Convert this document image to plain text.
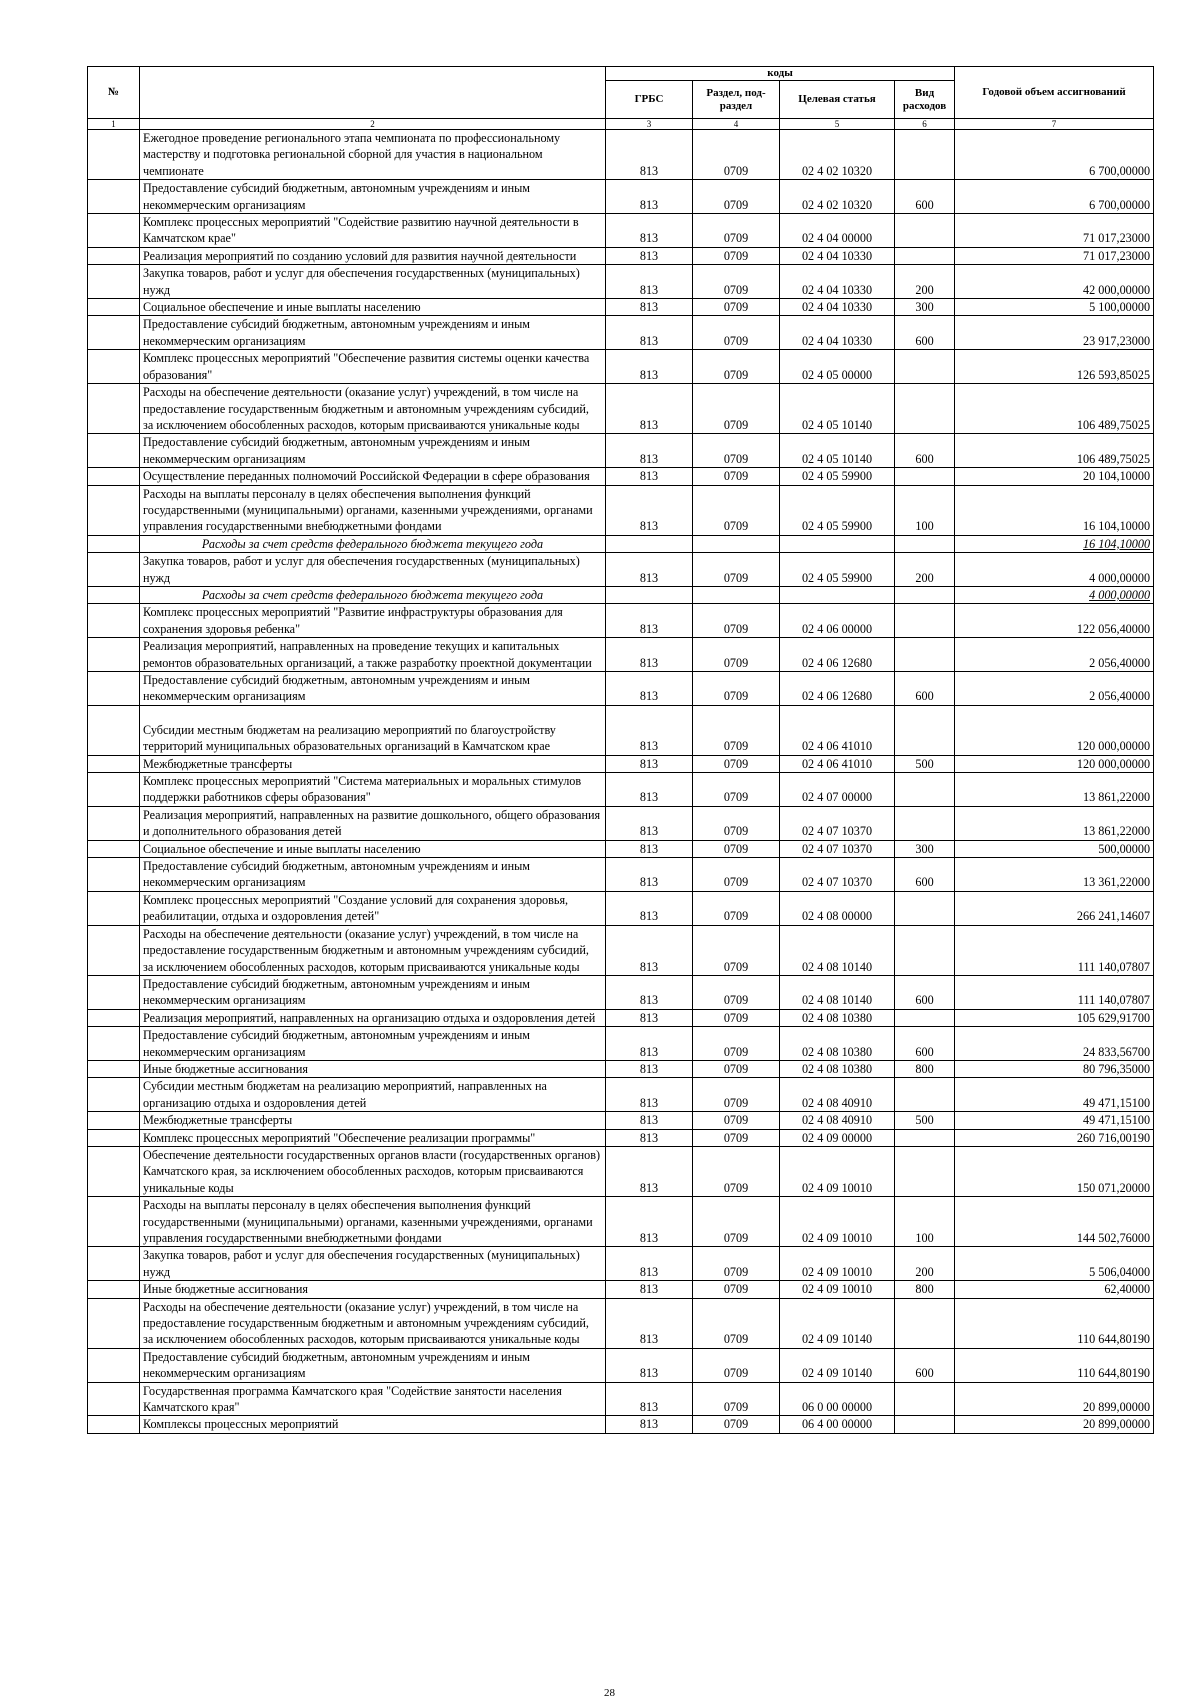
№		коды				Годовой объем ассигнований
		ГРБС	Раздел, под-раздел	Целевая статья	Вид расходов	
1	2	3	4	5	6	7
	Ежегодное проведение регионального этапа чемпионата по профессиональному мастерству и подготовка региональной сборной для участия в национальном чемпионате	813	0709	02 4 02 10320		6 700,00000
	Предоставление субсидий бюджетным, автономным учреждениям и иным некоммерческим организациям	813	0709	02 4 02 10320	600	6 700,00000
	Комплекс процессных мероприятий "Содействие развитию научной деятельности в Камчатском крае"	813	0709	02 4 04 00000		71 017,23000
	Реализация мероприятий по созданию условий для развития научной деятельности	813	0709	02 4 04 10330		71 017,23000
	Закупка товаров, работ и услуг для обеспечения государственных (муниципальных) нужд	813	0709	02 4 04 10330	200	42 000,00000
	Социальное обеспечение и иные выплаты населению	813	0709	02 4 04 10330	300	5 100,00000
	Предоставление субсидий бюджетным, автономным учреждениям и иным некоммерческим организациям	813	0709	02 4 04 10330	600	23 917,23000
	Комплекс процессных мероприятий "Обеспечение развития системы оценки качества образования"	813	0709	02 4 05 00000		126 593,85025
	Расходы на обеспечение деятельности (оказание услуг) учреждений, в том числе на предоставление государственным бюджетным и автономным учреждениям субсидий, за исключением обособленных расходов, которым присваиваются уникальные коды	813	0709	02 4 05 10140		106 489,75025
	Предоставление субсидий бюджетным, автономным учреждениям и иным некоммерческим организациям	813	0709	02 4 05 10140	600	106 489,75025
	Осуществление переданных полномочий Российской Федерации в сфере образования	813	0709	02 4 05 59900		20 104,10000
	Расходы на выплаты персоналу в целях обеспечения выполнения функций государственными (муниципальными) органами, казенными учреждениями, органами управления государственными внебюджетными фондами	813	0709	02 4 05 59900	100	16 104,10000
	Расходы за счет средств федерального бюджета текущего года					16 104,10000
	Закупка товаров, работ и услуг для обеспечения государственных (муниципальных) нужд	813	0709	02 4 05 59900	200	4 000,00000
	Расходы за счет средств федерального бюджета текущего года					4 000,00000
	Комплекс процессных мероприятий "Развитие инфраструктуры образования для сохранения здоровья ребенка"	813	0709	02 4 06 00000		122 056,40000
	Реализация мероприятий, направленных на проведение текущих и капитальных ремонтов образовательных организаций, а также разработку проектной документации	813	0709	02 4 06 12680		2 056,40000
	Предоставление субсидий бюджетным, автономным учреждениям и иным некоммерческим организациям	813	0709	02 4 06 12680	600	2 056,40000
	Субсидии местным бюджетам на реализацию мероприятий по благоустройству территорий муниципальных образовательных организаций в Камчатском крае	813	0709	02 4 06 41010		120 000,00000
	Межбюджетные трансферты	813	0709	02 4 06 41010	500	120 000,00000
	Комплекс процессных мероприятий "Система материальных и моральных стимулов поддержки работников сферы образования"	813	0709	02 4 07 00000		13 861,22000
	Реализация мероприятий, направленных на развитие дошкольного, общего образования и дополнительного образования детей	813	0709	02 4 07 10370		13 861,22000
	Социальное обеспечение и иные выплаты населению	813	0709	02 4 07 10370	300	500,00000
	Предоставление субсидий бюджетным, автономным учреждениям и иным некоммерческим организациям	813	0709	02 4 07 10370	600	13 361,22000
	Комплекс процессных мероприятий "Создание условий для сохранения здоровья, реабилитации, отдыха и оздоровления детей"	813	0709	02 4 08 00000		266 241,14607
	Расходы на обеспечение деятельности (оказание услуг) учреждений, в том числе на предоставление государственным бюджетным и автономным учреждениям субсидий, за исключением обособленных расходов, которым присваиваются уникальные коды	813	0709	02 4 08 10140		111 140,07807
	Предоставление субсидий бюджетным, автономным учреждениям и иным некоммерческим организациям	813	0709	02 4 08 10140	600	111 140,07807
	Реализация мероприятий, направленных на организацию отдыха и оздоровления детей	813	0709	02 4 08 10380		105 629,91700
	Предоставление субсидий бюджетным, автономным учреждениям и иным некоммерческим организациям	813	0709	02 4 08 10380	600	24 833,56700
	Иные бюджетные ассигнования	813	0709	02 4 08 10380	800	80 796,35000
	Субсидии местным бюджетам на реализацию мероприятий, направленных на организацию отдыха и оздоровления детей	813	0709	02 4 08 40910		49 471,15100
	Межбюджетные трансферты	813	0709	02 4 08 40910	500	49 471,15100
	Комплекс процессных мероприятий "Обеспечение реализации программы"	813	0709	02 4 09 00000		260 716,00190
	Обеспечение деятельности государственных органов власти (государственных органов) Камчатского края, за исключением обособленных расходов, которым присваиваются уникальные коды	813	0709	02 4 09 10010		150 071,20000
	Расходы на выплаты персоналу в целях обеспечения выполнения функций государственными (муниципальными) органами, казенными учреждениями, органами управления государственными внебюджетными фондами	813	0709	02 4 09 10010	100	144 502,76000
	Закупка товаров, работ и услуг для обеспечения государственных (муниципальных) нужд	813	0709	02 4 09 10010	200	5 506,04000
	Иные бюджетные ассигнования	813	0709	02 4 09 10010	800	62,40000
	Расходы на обеспечение деятельности (оказание услуг) учреждений, в том числе на предоставление государственным бюджетным и автономным учреждениям субсидий, за исключением обособленных расходов, которым присваиваются уникальные коды	813	0709	02 4 09 10140		110 644,80190
	Предоставление субсидий бюджетным, автономным учреждениям и иным некоммерческим организациям	813	0709	02 4 09 10140	600	110 644,80190
	Государственная программа Камчатского края "Содействие занятости населения Камчатского края"	813	0709	06 0 00 00000		20 899,00000
	Комплексы процессных мероприятий	813	0709	06 4 00 00000		20 899,00000
28
